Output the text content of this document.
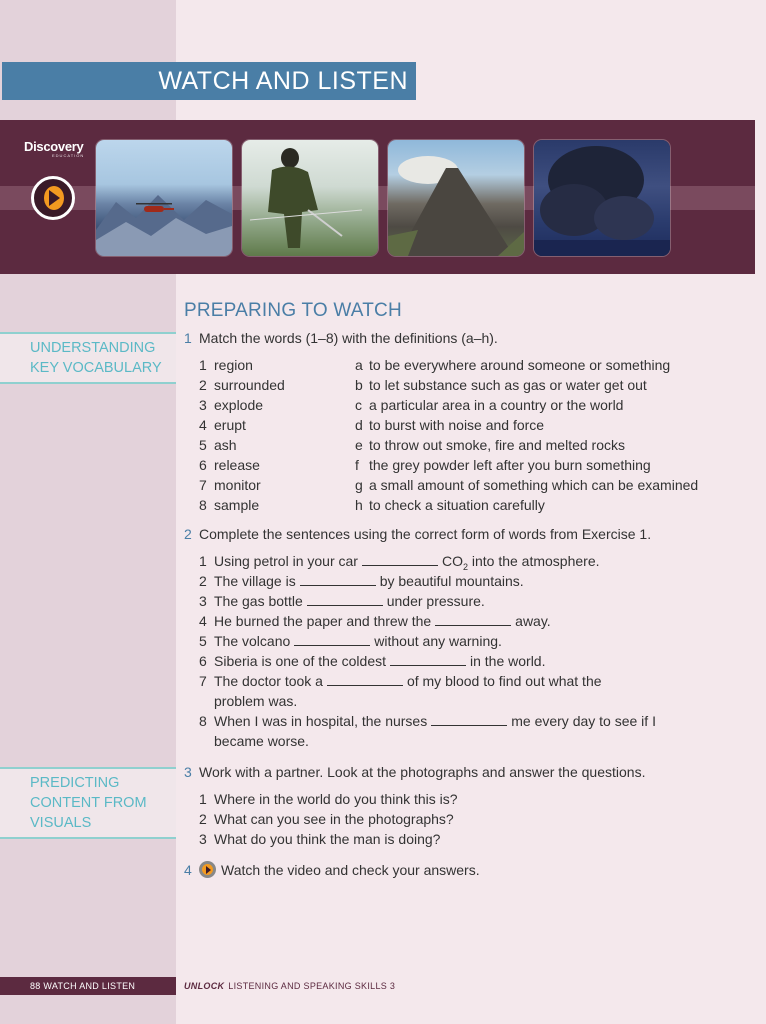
WATCH AND LISTEN
Discovery
EDUCATION
PREPARING TO WATCH
UNDERSTANDING
KEY VOCABULARY
1 Match the words (1–8) with the definitions (a–h).
1 region	a to be everywhere around someone or something
2 surrounded	b to let substance such as gas or water get out
3 explode	c a particular area in a country or the world
4 erupt	d to burst with noise and force
5 ash	e to throw out smoke, fire and melted rocks
6 release	f the grey powder left after you burn something
7 monitor	g a small amount of something which can be examined
8 sample	h to check a situation carefully
2 Complete the sentences using the correct form of words from Exercise 1.
1 Using petrol in your car	$CO_2$ into the atmosphere.
2 The village is	by beautiful mountains.
3 The gas bottle	under pressure.
4 He burned the paper and threw the	away.
5 The volcano	without any warning.
6 Siberia is one of the coldest	in the world.
7 The doctor took a	of my blood to find out what the
problem was.
8 When I was in hospital, the nurses	me every day to see if I
became worse.
PREDICTING
CONTENT FROM
VISUALS
3 Work with a partner. Look at the photographs and answer the questions.
1 Where in the world do you think this is?
2 What can you see in the photographs?
3 What do you think the man is doing?
4 Watch the video and check your answers.
88 WATCH AND LISTEN	UNLOCK LISTENING AND SPEAKING SKILLS 3
